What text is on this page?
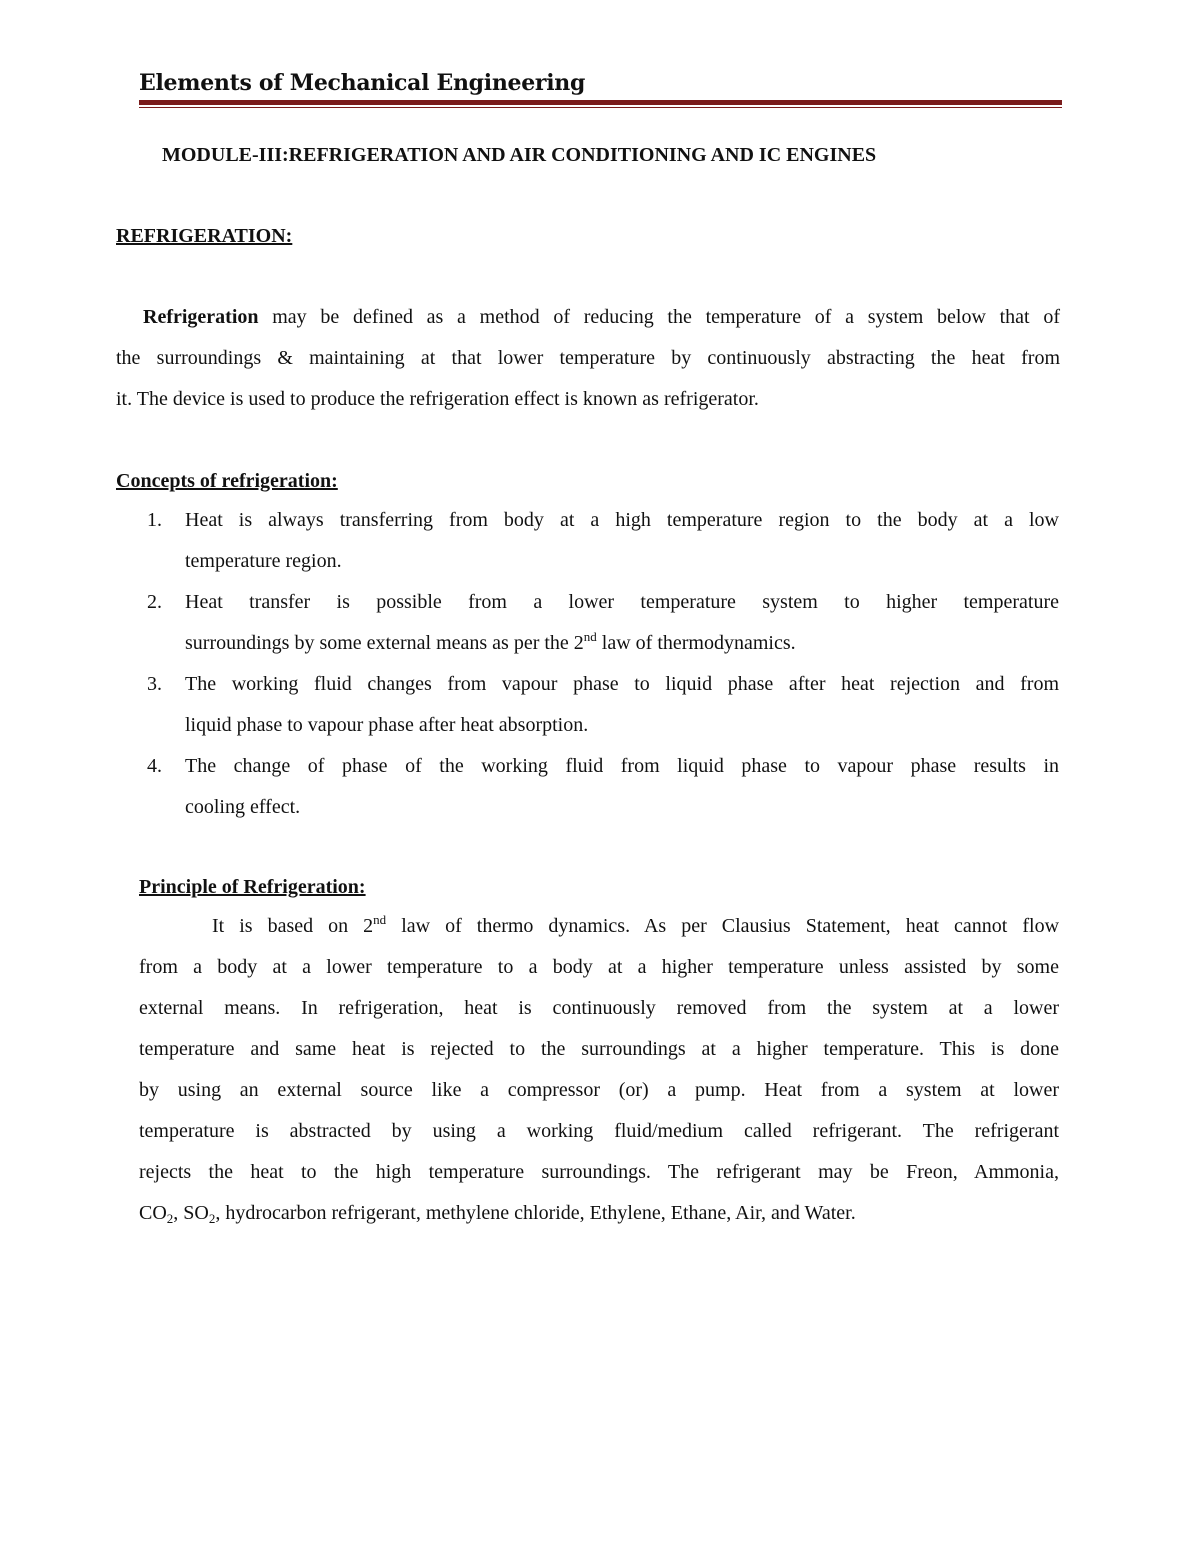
Elements of Mechanical Engineering
MODULE-III:REFRIGERATION AND AIR CONDITIONING AND IC ENGINES
REFRIGERATION:
Refrigeration may be defined as a method of reducing the temperature of a system below that of
the surroundings & maintaining at that lower temperature by continuously abstracting the heat from
it. The device is used to produce the refrigeration effect is known as refrigerator.
Concepts of refrigeration:
1. Heat is always transferring from body at a high temperature region to the body at a low
temperature region.
2. Heat transfer is possible from a lower temperature system to higher temperature
surroundings by some external means as per the 2nd law of thermodynamics.
3. The working fluid changes from vapour phase to liquid phase after heat rejection and from
liquid phase to vapour phase after heat absorption.
4. The change of phase of the working fluid from liquid phase to vapour phase results in
cooling effect.
Principle of Refrigeration:
It is based on 2nd law of thermo dynamics. As per Clausius Statement, heat cannot flow
from a body at a lower temperature to a body at a higher temperature unless assisted by some
external means. In refrigeration, heat is continuously removed from the system at a lower
temperature and same heat is rejected to the surroundings at a higher temperature. This is done
by using an external source like a compressor (or) a pump. Heat from a system at lower
temperature is abstracted by using a working fluid/medium called refrigerant. The refrigerant
rejects the heat to the high temperature surroundings. The refrigerant may be Freon, Ammonia,
$CO_2$, $SO_2$, hydrocarbon refrigerant, methylene chloride, Ethylene, Ethane, Air, and Water.
